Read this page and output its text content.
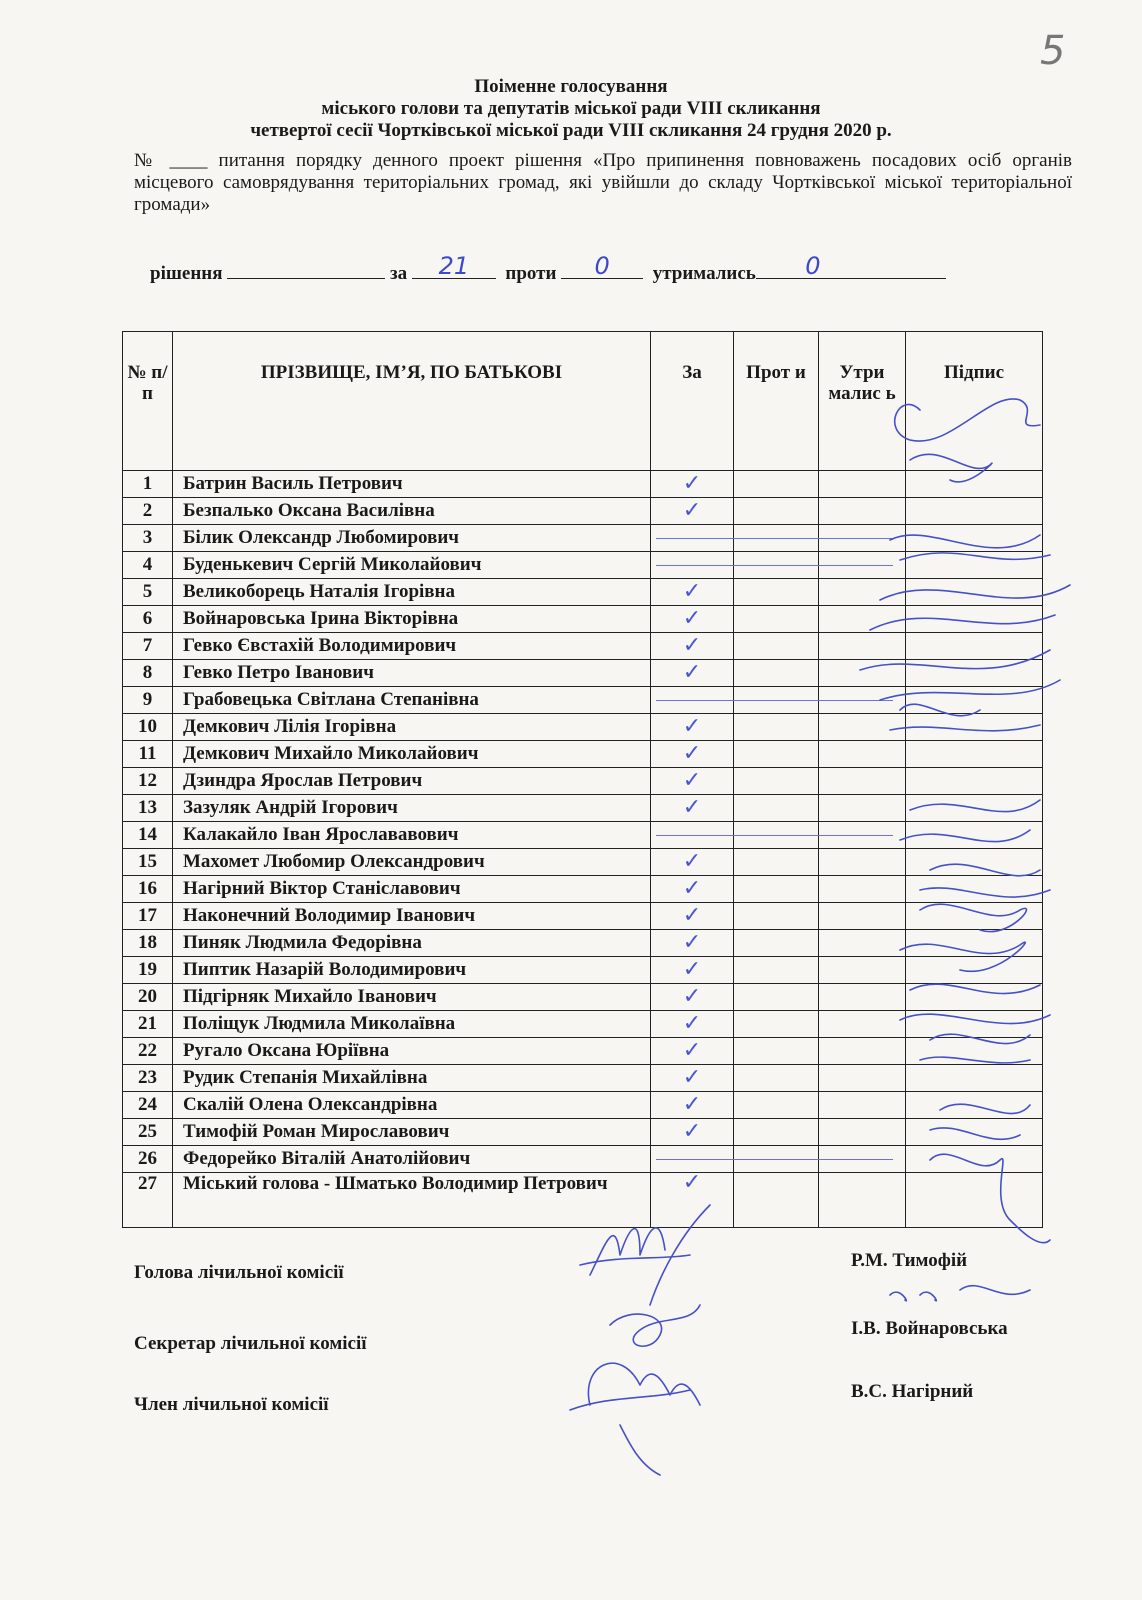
5
Поіменне голосування
міського голови та депутатів міської ради VIII скликання
четвертої сесії Чортківської міської ради VIII скликання 24 грудня 2020 р.
№ ____ питання порядку денного проект рішення «Про припинення повноважень посадових осіб органів місцевого самоврядування територіальних громад, які увійшли до складу Чортківської міської територіальної громади»
рішення	за 21 проти 0 утримались 0
№ п/п	ПРІЗВИЩЕ, ІМ’Я, ПО БАТЬКОВІ	За	Прот и	Утри малис ь	Підпис
1	Батрин Василь Петрович	✓			
2	Безпалько Оксана Василівна	✓			
3	Білик Олександр Любомирович				
4	Буденькевич Сергій Миколайович				
5	Великоборець Наталія Ігорівна	✓			
6	Войнаровська Ірина Вікторівна	✓			
7	Гевко Євстахій Володимирович	✓			
8	Гевко Петро Іванович	✓			
9	Грабовецька Світлана Степанівна				
10	Демкович Лілія Ігорівна	✓			
11	Демкович Михайло Миколайович	✓			
12	Дзиндра Ярослав Петрович	✓			
13	Зазуляк Андрій Ігорович	✓			
14	Калакайло Іван Ярослававович				
15	Махомет Любомир Олександрович	✓			
16	Нагірний Віктор Станіславович	✓			
17	Наконечний Володимир Іванович	✓			
18	Пиняк Людмила Федорівна	✓			
19	Пиптик Назарій Володимирович	✓			
20	Підгірняк Михайло Іванович	✓			
21	Поліщук Людмила Миколаївна	✓			
22	Ругало Оксана Юріївна	✓			
23	Рудик Степанія Михайлівна	✓			
24	Скалій Олена Олександрівна	✓			
25	Тимофій Роман Мирославович	✓			
26	Федорейко Віталій Анатолійович				
27	Міський голова - Шматько Володимир Петрович	✓			
Голова лічильної комісії
Р.М. Тимофій
Секретар лічильної комісії
І.В. Войнаровська
Член лічильної комісії
В.С. Нагірний
